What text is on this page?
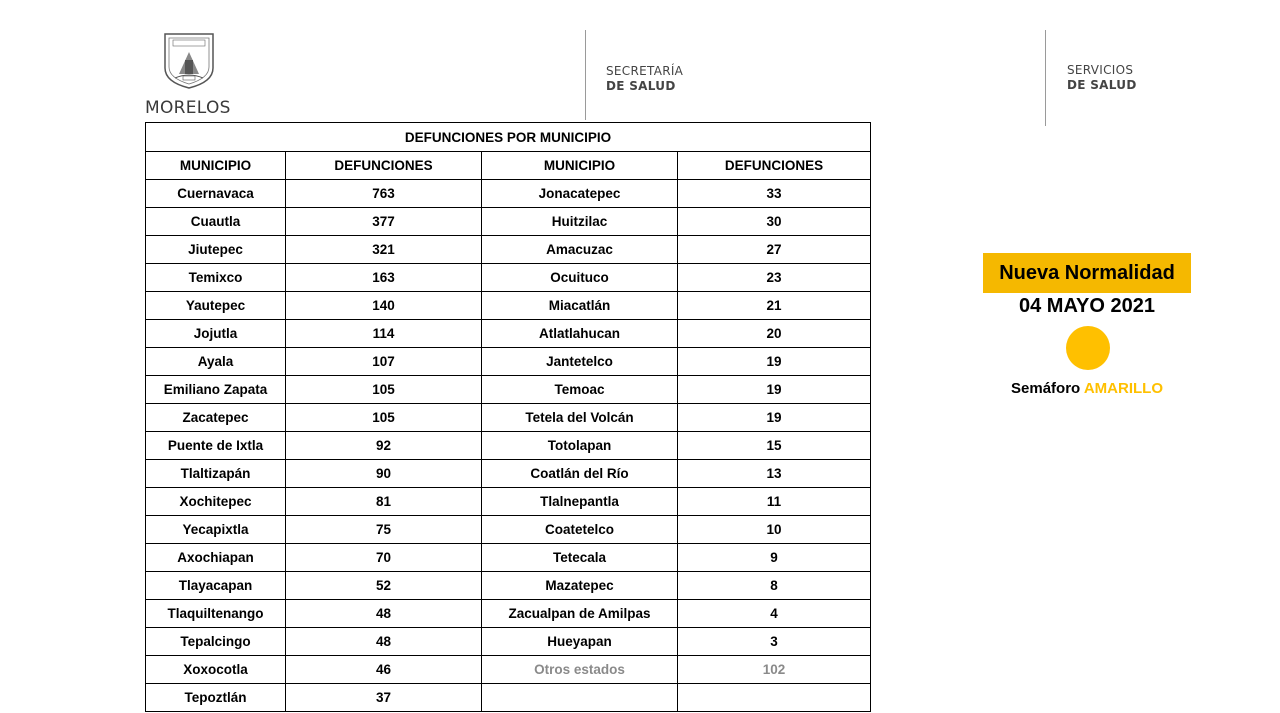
MORELOS
SECRETARÍA
DE SALUD
SERVICIOS
DE SALUD
DEFUNCIONES POR MUNICIPIO			
MUNICIPIO	DEFUNCIONES	MUNICIPIO	DEFUNCIONES
Cuernavaca	763	Jonacatepec	33
Cuautla	377	Huitzilac	30
Jiutepec	321	Amacuzac	27
Temixco	163	Ocuituco	23
Yautepec	140	Miacatlán	21
Jojutla	114	Atlatlahucan	20
Ayala	107	Jantetelco	19
Emiliano Zapata	105	Temoac	19
Zacatepec	105	Tetela del Volcán	19
Puente de Ixtla	92	Totolapan	15
Tlaltizapán	90	Coatlán del Río	13
Xochitepec	81	Tlalnepantla	11
Yecapixtla	75	Coatetelco	10
Axochiapan	70	Tetecala	9
Tlayacapan	52	Mazatepec	8
Tlaquiltenango	48	Zacualpan de Amilpas	4
Tepalcingo	48	Hueyapan	3
Xoxocotla	46	Otros estados	102
Tepoztlán	37		
Nueva Normalidad
04 MAYO 2021
Semáforo AMARILLO
